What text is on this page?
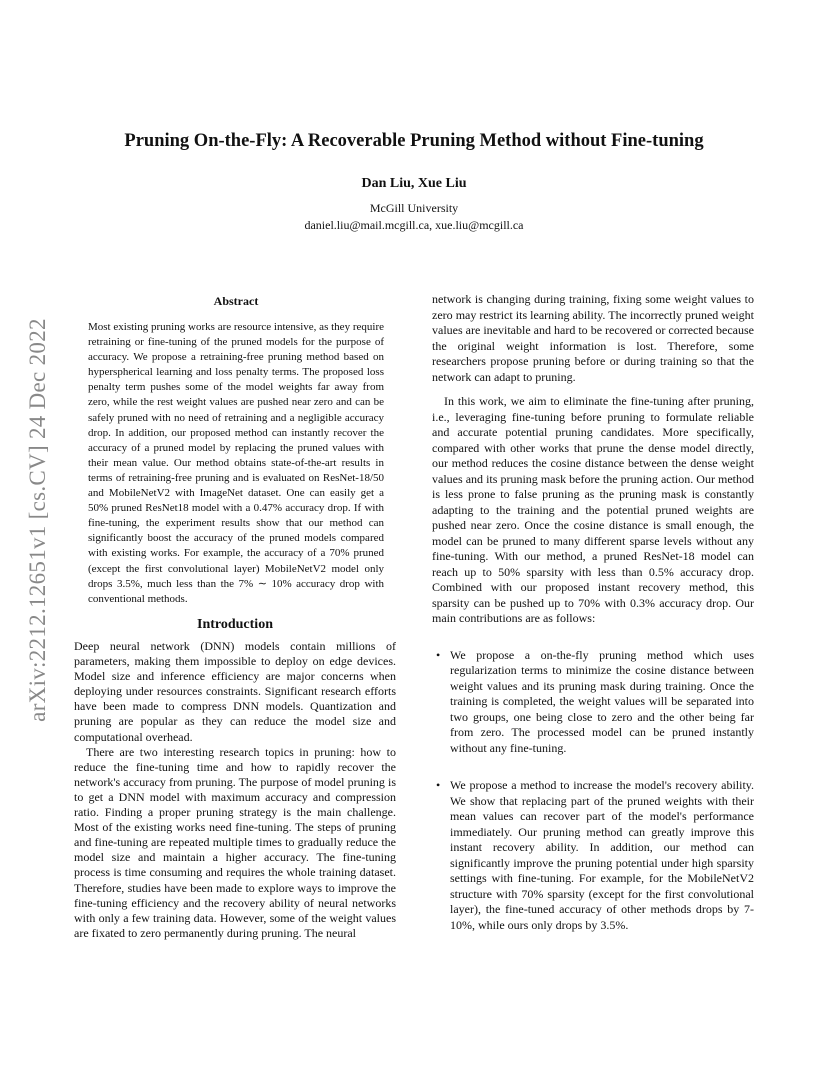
arXiv:2212.12651v1 [cs.CV] 24 Dec 2022
Pruning On-the-Fly: A Recoverable Pruning Method without Fine-tuning
Dan Liu, Xue Liu
McGill University
daniel.liu@mail.mcgill.ca, xue.liu@mcgill.ca
Abstract

Most existing pruning works are resource intensive, as they require retraining or fine-tuning of the pruned models for the purpose of accuracy. We propose a retraining-free pruning method based on hyperspherical learning and loss penalty terms. The proposed loss penalty term pushes some of the model weights far away from zero, while the rest weight values are pushed near zero and can be safely pruned with no need of retraining and a negligible accuracy drop. In addition, our proposed method can instantly recover the accuracy of a pruned model by replacing the pruned values with their mean value. Our method obtains state-of-the-art results in terms of retraining-free pruning and is evaluated on ResNet-18/50 and MobileNetV2 with ImageNet dataset. One can easily get a 50% pruned ResNet18 model with a 0.47% accuracy drop. If with fine-tuning, the experiment results show that our method can significantly boost the accuracy of the pruned models compared with existing works. For example, the accuracy of a 70% pruned (except the first convolutional layer) MobileNetV2 model only drops 3.5%, much less than the 7% ∼ 10% accuracy drop with conventional methods.

Introduction

Deep neural network (DNN) models contain millions of parameters, making them impossible to deploy on edge devices. Model size and inference efficiency are major concerns when deploying under resources constraints. Significant research efforts have been made to compress DNN models. Quantization and pruning are popular as they can reduce the model size and computational overhead.

There are two interesting research topics in pruning: how to reduce the fine-tuning time and how to rapidly recover the network's accuracy from pruning. The purpose of model pruning is to get a DNN model with maximum accuracy and compression ratio. Finding a proper pruning strategy is the main challenge. Most of the existing works need fine-tuning. The steps of pruning and fine-tuning are repeated multiple times to gradually reduce the model size and maintain a higher accuracy. The fine-tuning process is time consuming and requires the whole training dataset. Therefore, studies have been made to explore ways to improve the fine-tuning efficiency and the recovery ability of neural networks with only a few training data. However, some of the weight values are fixated to zero permanently during pruning. The neural

network is changing during training, fixing some weight values to zero may restrict its learning ability. The incorrectly pruned weight values are inevitable and hard to be recovered or corrected because the original weight information is lost. Therefore, some researchers propose pruning before or during training so that the network can adapt to pruning.

In this work, we aim to eliminate the fine-tuning after pruning, i.e., leveraging fine-tuning before pruning to formulate reliable and accurate potential pruning candidates. More specifically, compared with other works that prune the dense model directly, our method reduces the cosine distance between the dense weight values and its pruning mask before the pruning action. Our method is less prone to false pruning as the pruning mask is constantly adapting to the training and the potential pruned weights are pushed near zero. Once the cosine distance is small enough, the model can be pruned to many different sparse levels without any fine-tuning. With our method, a pruned ResNet-18 model can reach up to 50% sparsity with less than 0.5% accuracy drop. Combined with our proposed instant recovery method, this sparsity can be pushed up to 70% with 0.3% accuracy drop. Our main contributions are as follows:

• We propose a on-the-fly pruning method which uses regularization terms to minimize the cosine distance between weight values and its pruning mask during training. Once the training is completed, the weight values will be separated into two groups, one being close to zero and the other being far from zero. The processed model can be pruned instantly without any fine-tuning.
• We propose a method to increase the model's recovery ability. We show that replacing part of the pruned weights with their mean values can recover part of the model's performance immediately. Our pruning method can greatly improve this instant recovery ability. In addition, our method can significantly improve the pruning potential under high sparsity settings with fine-tuning. For example, for the MobileNetV2 structure with 70% sparsity (except for the first convolutional layer), the fine-tuned accuracy of other methods drops by 7-10%, while ours only drops by 3.5%.
